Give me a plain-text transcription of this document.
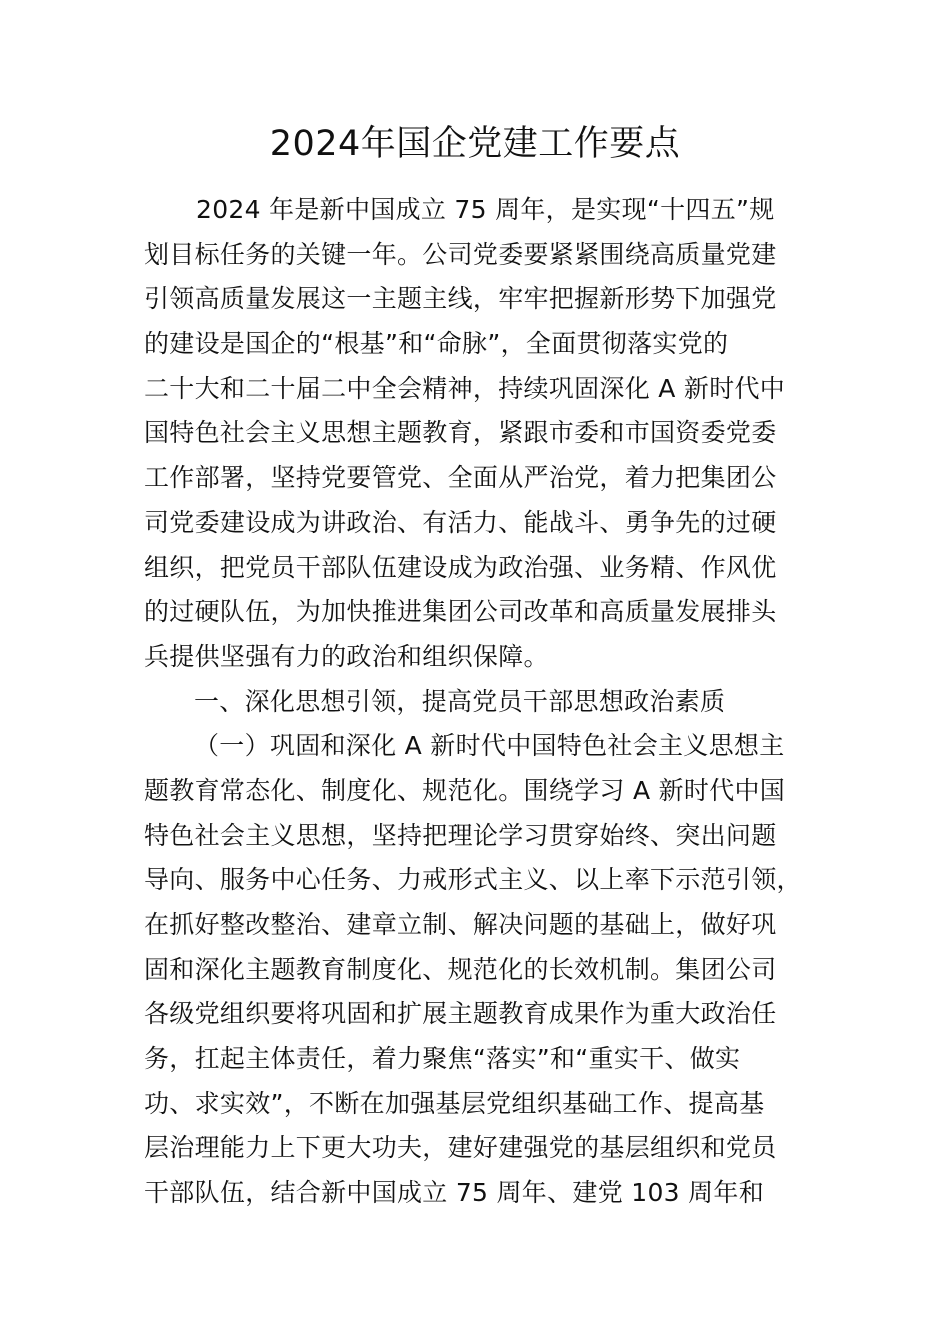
2024年国企党建工作要点
2024 年是新中国成立 75 周年，是实现“十四五”规
划目标任务的关键一年。公司党委要紧紧围绕高质量党建
引领高质量发展这一主题主线，牢牢把握新形势下加强党
的建设是国企的“根基”和“命脉”，全面贯彻落实党的
二十大和二十届二中全会精神，持续巩固深化 A 新时代中
国特色社会主义思想主题教育，紧跟市委和市国资委党委
工作部署，坚持党要管党、全面从严治党，着力把集团公
司党委建设成为讲政治、有活力、能战斗、勇争先的过硬
组织，把党员干部队伍建设成为政治强、业务精、作风优
的过硬队伍，为加快推进集团公司改革和高质量发展排头
兵提供坚强有力的政治和组织保障。
一、深化思想引领，提高党员干部思想政治素质
（一）巩固和深化 A 新时代中国特色社会主义思想主
题教育常态化、制度化、规范化。围绕学习 A 新时代中国
特色社会主义思想，坚持把理论学习贯穿始终、突出问题
导向、服务中心任务、力戒形式主义、以上率下示范引领，
在抓好整改整治、建章立制、解决问题的基础上，做好巩
固和深化主题教育制度化、规范化的长效机制。集团公司
各级党组织要将巩固和扩展主题教育成果作为重大政治任
务，扛起主体责任，着力聚焦“落实”和“重实干、做实
功、求实效”，不断在加强基层党组织基础工作、提高基
层治理能力上下更大功夫，建好建强党的基层组织和党员
干部队伍，结合新中国成立 75 周年、建党 103 周年和
